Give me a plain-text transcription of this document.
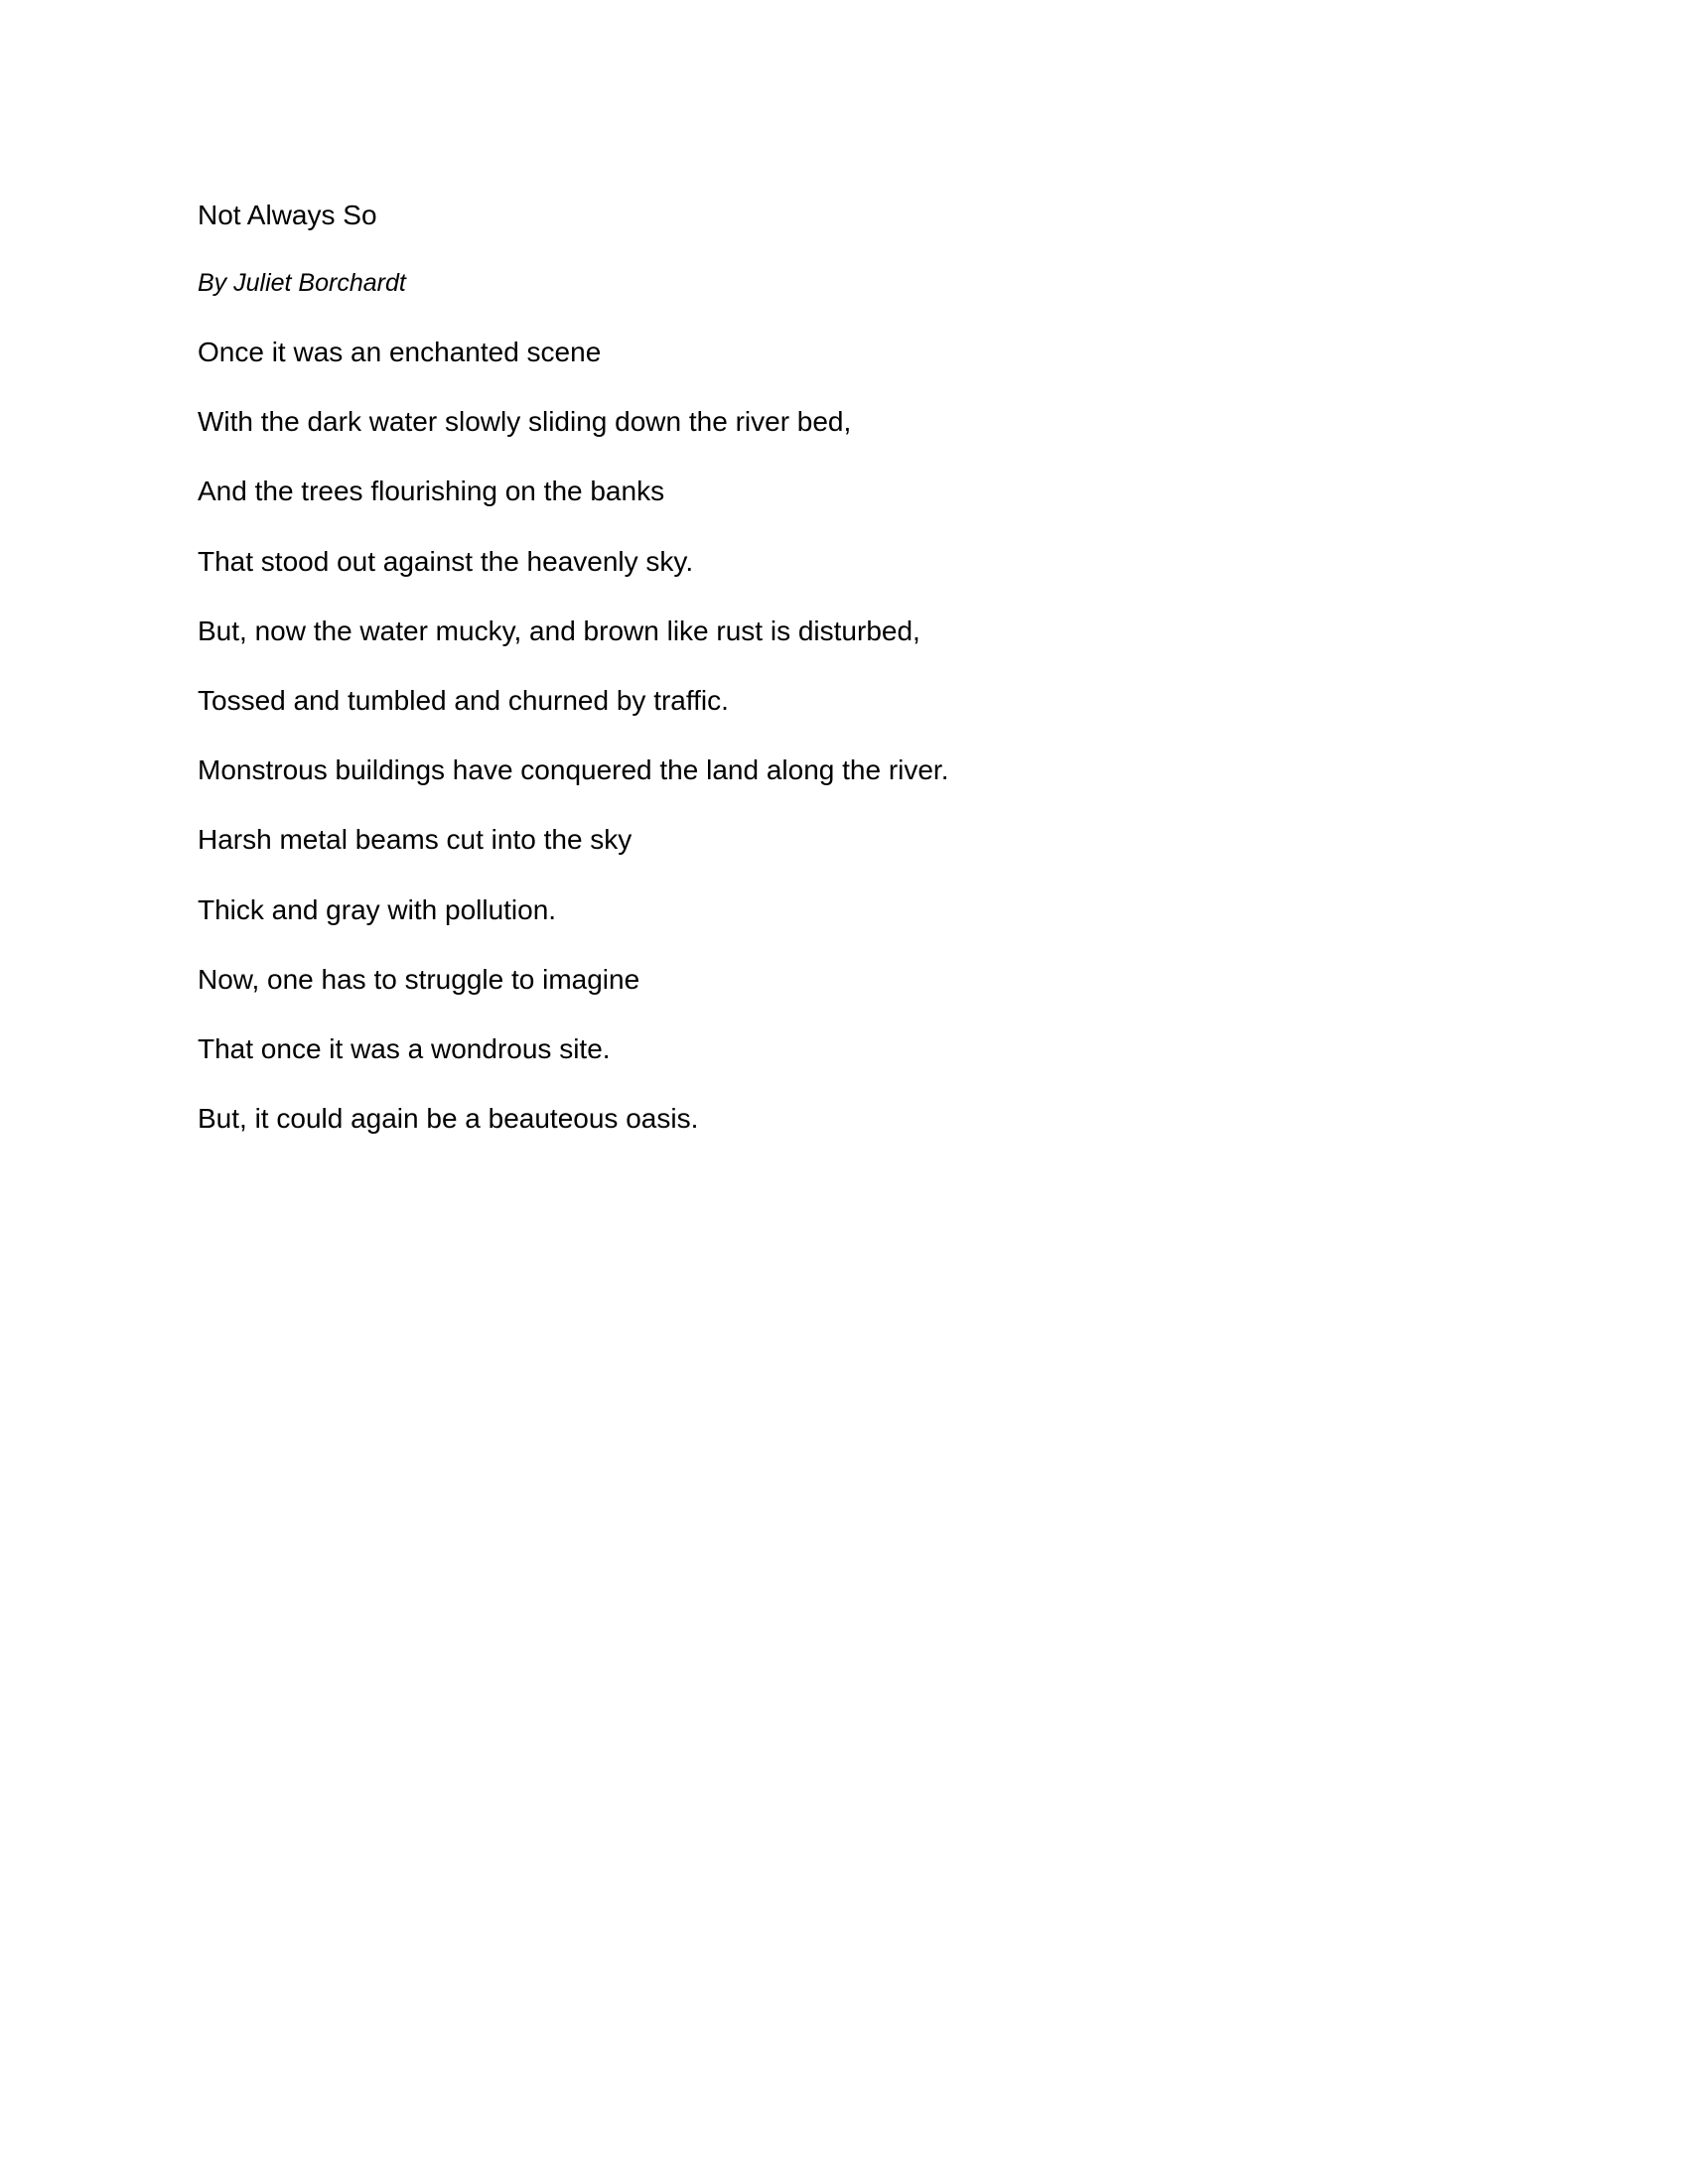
Not Always So

By Juliet Borchardt

Once it was an enchanted scene
With the dark water slowly sliding down the river bed,
And the trees flourishing on the banks
That stood out against the heavenly sky.
But, now the water mucky, and brown like rust is disturbed,
Tossed and tumbled and churned by traffic.
Monstrous buildings have conquered the land along the river.
Harsh metal beams cut into the sky
Thick and gray with pollution.
Now, one has to struggle to imagine
That once it was a wondrous site.
But, it could again be a beauteous oasis.
